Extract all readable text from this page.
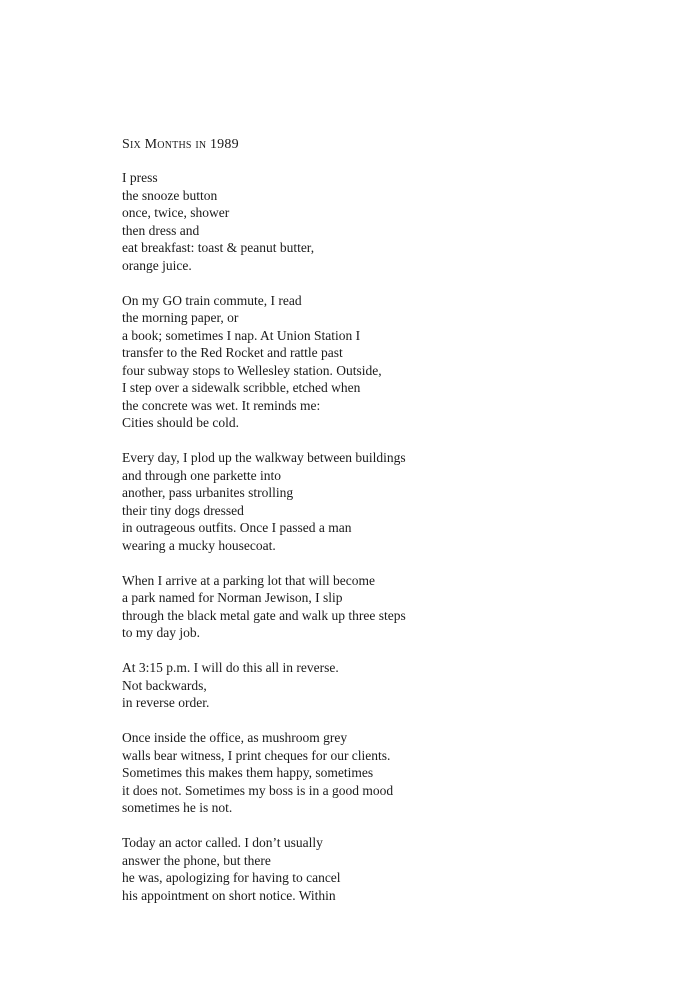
Six Months in 1989
I press
the snooze button
once, twice, shower
then dress and
eat breakfast: toast & peanut butter,
orange juice.
On my GO train commute, I read
the morning paper, or
a book; sometimes I nap. At Union Station I
transfer to the Red Rocket and rattle past
four subway stops to Wellesley station. Outside,
I step over a sidewalk scribble, etched when
the concrete was wet. It reminds me:
Cities should be cold.
Every day, I plod up the walkway between buildings
and through one parkette into
another, pass urbanites strolling
their tiny dogs dressed
in outrageous outfits. Once I passed a man
wearing a mucky housecoat.
When I arrive at a parking lot that will become
a park named for Norman Jewison, I slip
through the black metal gate and walk up three steps
to my day job.
At 3:15 p.m. I will do this all in reverse.
Not backwards,
in reverse order.
Once inside the office, as mushroom grey
walls bear witness, I print cheques for our clients.
Sometimes this makes them happy, sometimes
it does not. Sometimes my boss is in a good mood
sometimes he is not.
Today an actor called. I don’t usually
answer the phone, but there
he was, apologizing for having to cancel
his appointment on short notice. Within
